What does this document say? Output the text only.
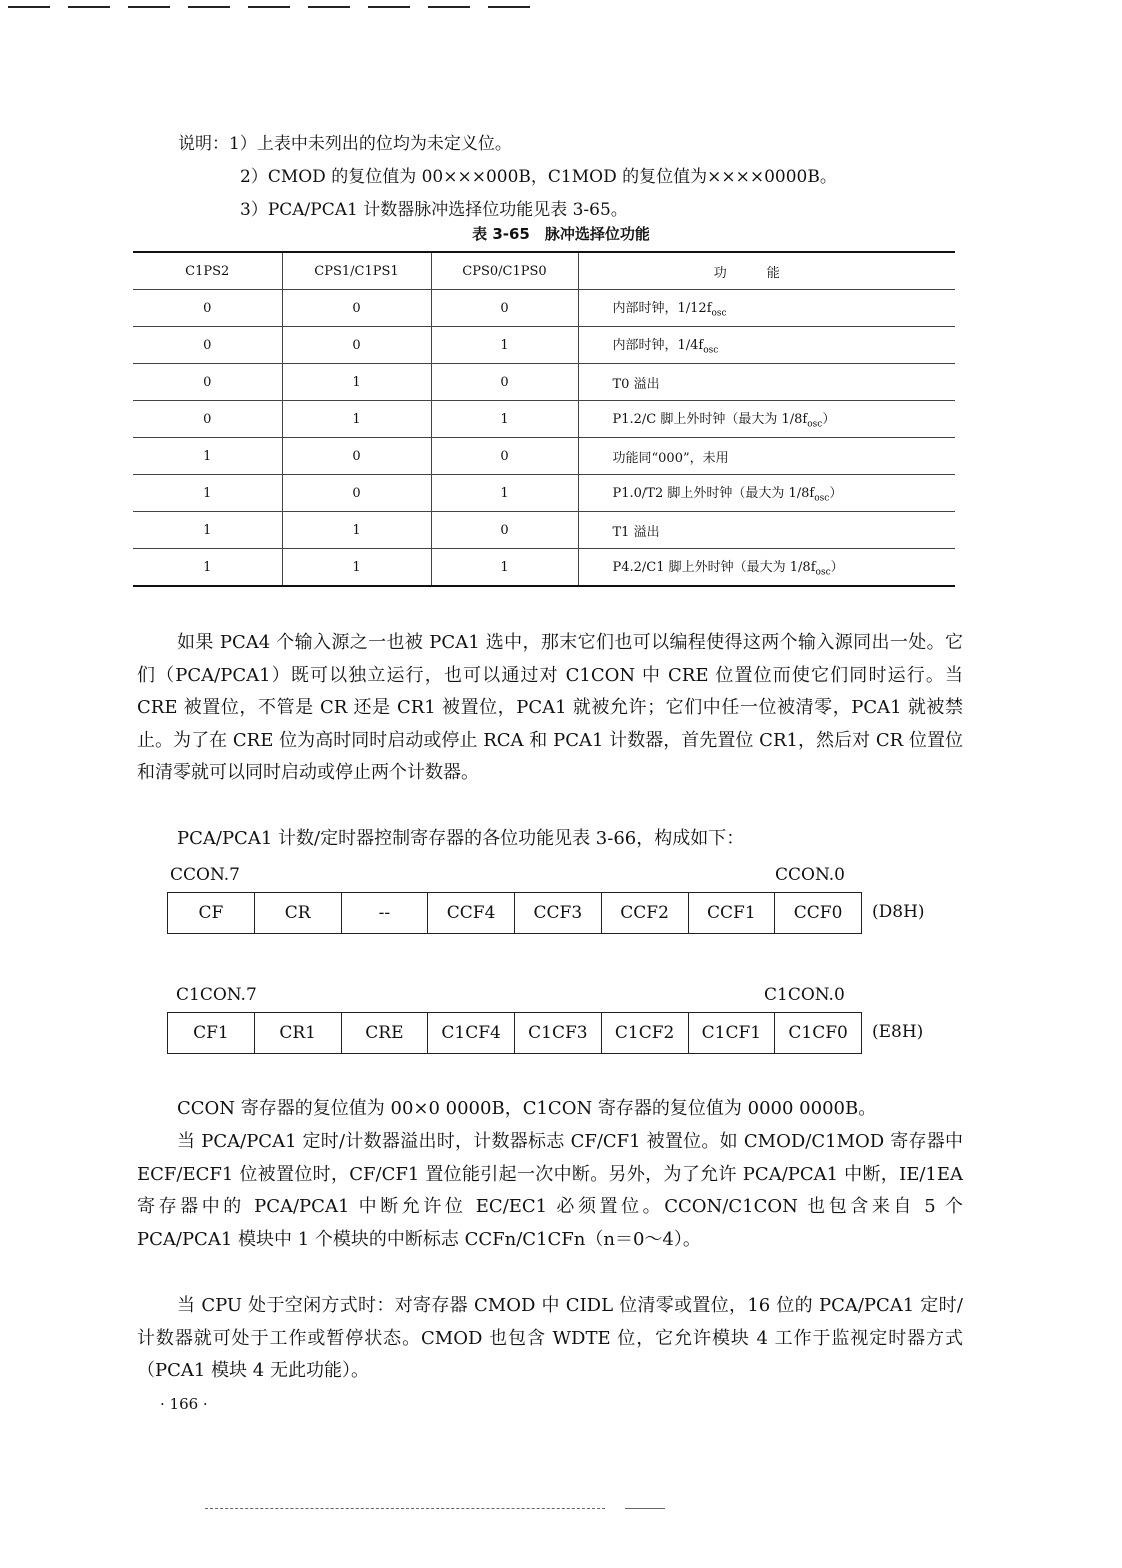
说明：1）上表中未列出的位均为未定义位。
2）CMOD 的复位值为 00×××000B，C1MOD 的复位值为××××0000B。
3）PCA/PCA1 计数器脉冲选择位功能见表 3-65。
表 3-65　脉冲选择位功能
C1PS2	CPS1/C1PS1	CPS0/C1PS0	功能
0	0	0	内部时钟，$1/12f_{osc}$
0	0	1	内部时钟，$1/4f_{osc}$
0	1	0	T0 溢出
0	1	1	P1.2/C 脚上外时钟（最大为 $1/8f_{osc}$）
1	0	0	功能同“000”，未用
1	0	1	P1.0/T2 脚上外时钟（最大为 $1/8f_{osc}$）
1	1	0	T1 溢出
1	1	1	P4.2/C1 脚上外时钟（最大为 $1/8f_{osc}$）

如果 PCA4 个输入源之一也被 PCA1 选中，那末它们也可以编程使得这两个输入源同出一处。它们（PCA/PCA1）既可以独立运行，也可以通过对 C1CON 中 CRE 位置位而使它们同时运行。当 CRE 被置位，不管是 CR 还是 CR1 被置位，PCA1 就被允许；它们中任一位被清零，PCA1 就被禁止。为了在 CRE 位为高时同时启动或停止 RCA 和 PCA1 计数器，首先置位 CR1，然后对 CR 位置位和清零就可以同时启动或停止两个计数器。

PCA/PCA1 计数/定时器控制寄存器的各位功能见表 3-66，构成如下：

CCON.7	CCON.0
CF	CR	--	CCF4	CCF3	CCF2	CCF1	CCF0	(D8H)
C1CON.7	C1CON.0
CF1	CR1	CRE	C1CF4	C1CF3	C1CF2	C1CF1	C1CF0	(E8H)

CCON 寄存器的复位值为 00×0 0000B，C1CON 寄存器的复位值为 0000 0000B。

当 PCA/PCA1 定时/计数器溢出时，计数器标志 CF/CF1 被置位。如 CMOD/C1MOD 寄存器中 ECF/ECF1 位被置位时，CF/CF1 置位能引起一次中断。另外，为了允许 PCA/PCA1 中断，IE/1EA 寄存器中的 PCA/PCA1 中断允许位 EC/EC1 必须置位。CCON/C1CON 也包含来自 5 个 PCA/PCA1 模块中 1 个模块的中断标志 CCFn/C1CFn（n＝0～4）。

当 CPU 处于空闲方式时：对寄存器 CMOD 中 CIDL 位清零或置位，16 位的 PCA/PCA1 定时/计数器就可处于工作或暂停状态。CMOD 也包含 WDTE 位，它允许模块 4 工作于监视定时器方式（PCA1 模块 4 无此功能）。

· 166 ·
